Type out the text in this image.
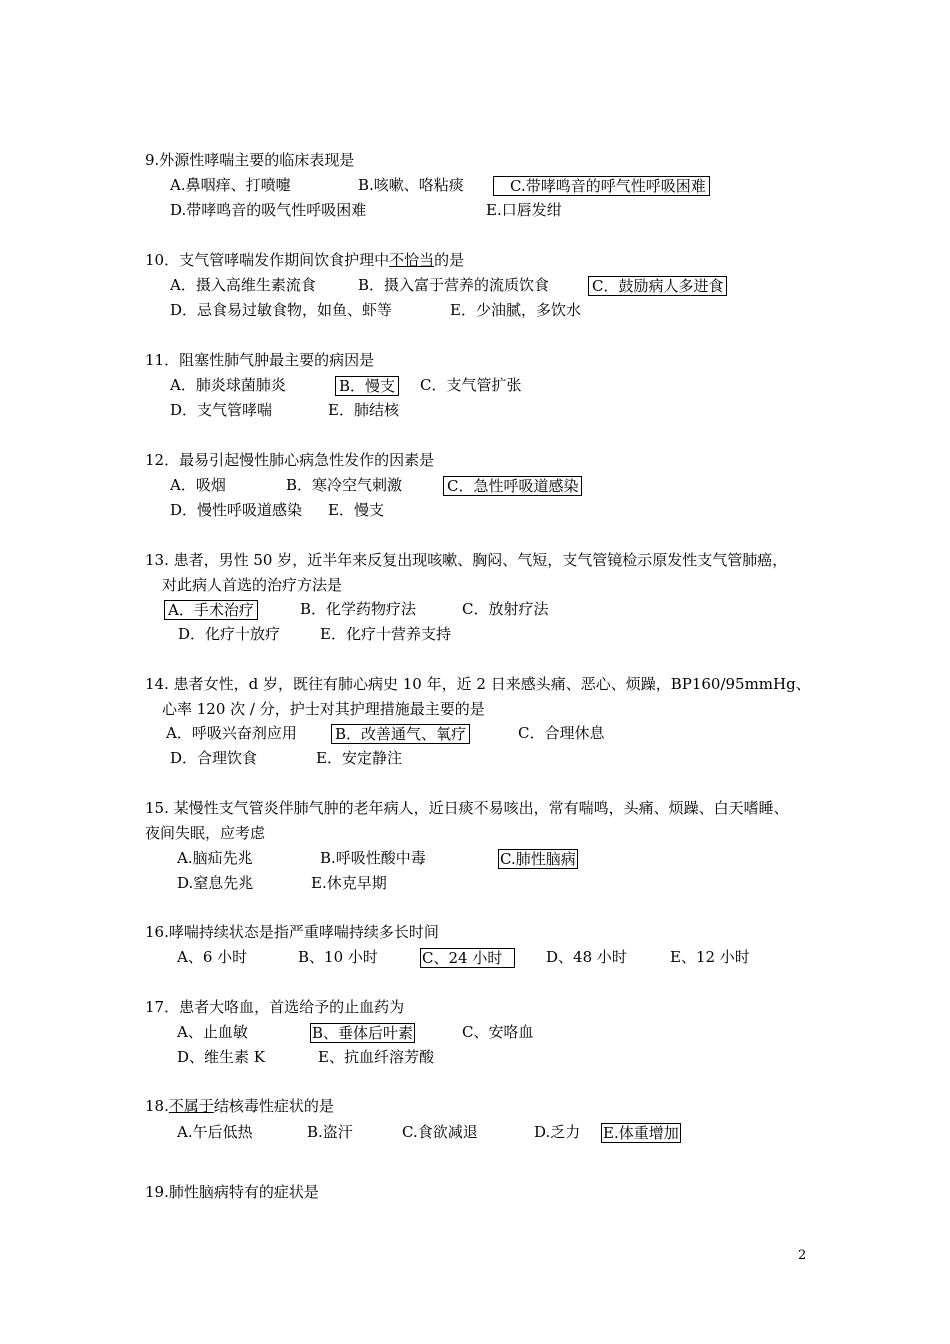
9.外源性哮喘主要的临床表现是
A.鼻咽痒、打喷嚏	B.咳嗽、咯粘痰	C.带哮鸣音的呼气性呼吸困难
D.带哮鸣音的吸气性呼吸困难	E.口唇发绀
10．支气管哮喘发作期间饮食护理中不恰当的是
A．摄入高维生素流食	B．摄入富于营养的流质饮食	C．鼓励病人多进食
D．忌食易过敏食物，如鱼、虾等	E．少油腻，多饮水
11．阻塞性肺气肿最主要的病因是
A．肺炎球菌肺炎	B．慢支 C．支气管扩张
D．支气管哮喘	E．肺结核
12．最易引起慢性肺心病急性发作的因素是
A．吸烟	B．寒冷空气刺激	C．急性呼吸道感染
D．慢性呼吸道感染 E．慢支
13. 患者，男性 50 岁，近半年来反复出现咳嗽、胸闷、气短，支气管镜检示原发性支气管肺癌，
对此病人首选的治疗方法是
A．手术治疗	B．化学药物疗法	C．放射疗法
D．化疗十放疗	E．化疗十营养支持
14. 患者女性，d 岁，既往有肺心病史 10 年，近 2 日来感头痛、恶心、烦躁，BP160/95mmHg、
心率 120 次 / 分，护士对其护理措施最主要的是
A．呼吸兴奋剂应用	B．改善通气、氧疗	C．合理休息
D．合理饮食	E．安定静注
15. 某慢性支气管炎伴肺气肿的老年病人，近日痰不易咳出，常有喘鸣，头痛、烦躁、白天嗜睡、
夜间失眠，应考虑
A.脑疝先兆	B.呼吸性酸中毒	C.肺性脑病
D.窒息先兆	E.休克早期
16.哮喘持续状态是指严重哮喘持续多长时间
A、6 小时	B、10 小时	C、24 小时	D、48 小时	E、12 小时
17．患者大咯血，首选给予的止血药为
A、止血敏	B、垂体后叶素	C、安咯血
D、维生素 K	E、抗血纤溶芳酸
18.不属于结核毒性症状的是
A.午后低热	B.盗汗	C.食欲减退	D.乏力 E.体重增加
19.肺性脑病特有的症状是
2
